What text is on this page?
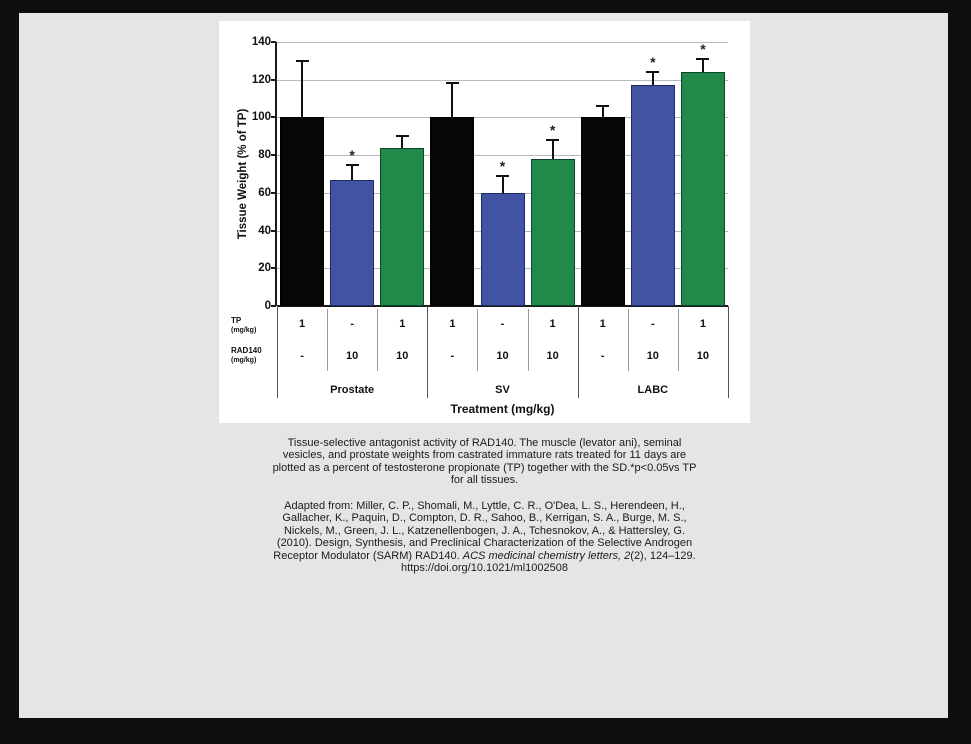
Tissue Weight (% of TP)	*
*
*
*
*
Treatment (mg/kg)
0
20
40
60
80
100
120
140
TP
(mg/kg)
1	-	1	1	-	1	1	-	1
RAD140
(mg/kg)	-	10	10	-	10	10	-	10	10
Prostate	SV	LABC
Tissue-selective antagonist activity of RAD140. The muscle (levator ani), seminal
vesicles, and prostate weights from castrated immature rats treated for 11 days are
plotted as a percent of testosterone propionate (TP) together with the SD.*p<0.05vs TP
for all tissues.
Adapted from: Miller, C. P., Shomali, M., Lyttle, C. R., O'Dea, L. S., Herendeen, H.,
Gallacher, K., Paquin, D., Compton, D. R., Sahoo, B., Kerrigan, S. A., Burge, M. S.,
Nickels, M., Green, J. L., Katzenellenbogen, J. A., Tchesnokov, A., & Hattersley, G.
(2010). Design, Synthesis, and Preclinical Characterization of the Selective Androgen
Receptor Modulator (SARM) RAD140. ACS medicinal chemistry letters, 2(2), 124–129.
https://doi.org/10.1021/ml1002508
